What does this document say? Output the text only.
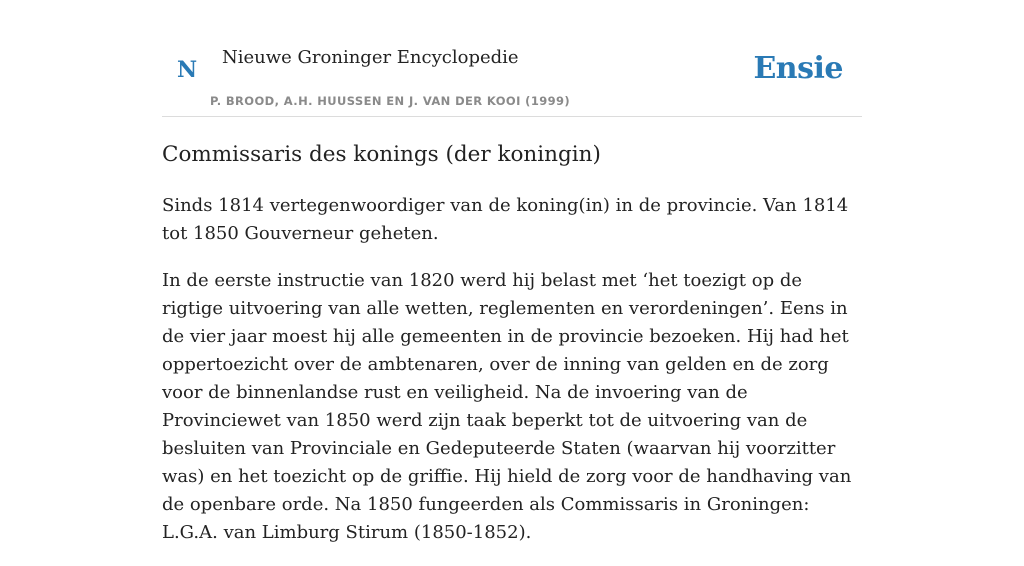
N Nieuwe Groninger Encyclopedie
P. BROOD, A.H. HUUSSEN EN J. VAN DER KOOI (1999)
Ensie
Commissaris des konings (der koningin)

Sinds 1814 vertegenwoordiger van de koning(in) in de provincie. Van 1814 tot 1850 Gouverneur geheten.

In de eerste instructie van 1820 werd hij belast met ‘het toezigt op de rigtige uitvoering van alle wetten, reglementen en verordeningen’. Eens in de vier jaar moest hij alle gemeenten in de provincie bezoeken. Hij had het oppertoezicht over de ambtenaren, over de inning van gelden en de zorg voor de binnenlandse rust en veiligheid. Na de invoering van de Provinciewet van 1850 werd zijn taak beperkt tot de uitvoering van de besluiten van Provinciale en Gedeputeerde Staten (waarvan hij voorzitter was) en het toezicht op de griffie. Hij hield de zorg voor de handhaving van de openbare orde. Na 1850 fungeerden als Commissaris in Groningen: L.G.A. van Limburg Stirum (1850-1852).
